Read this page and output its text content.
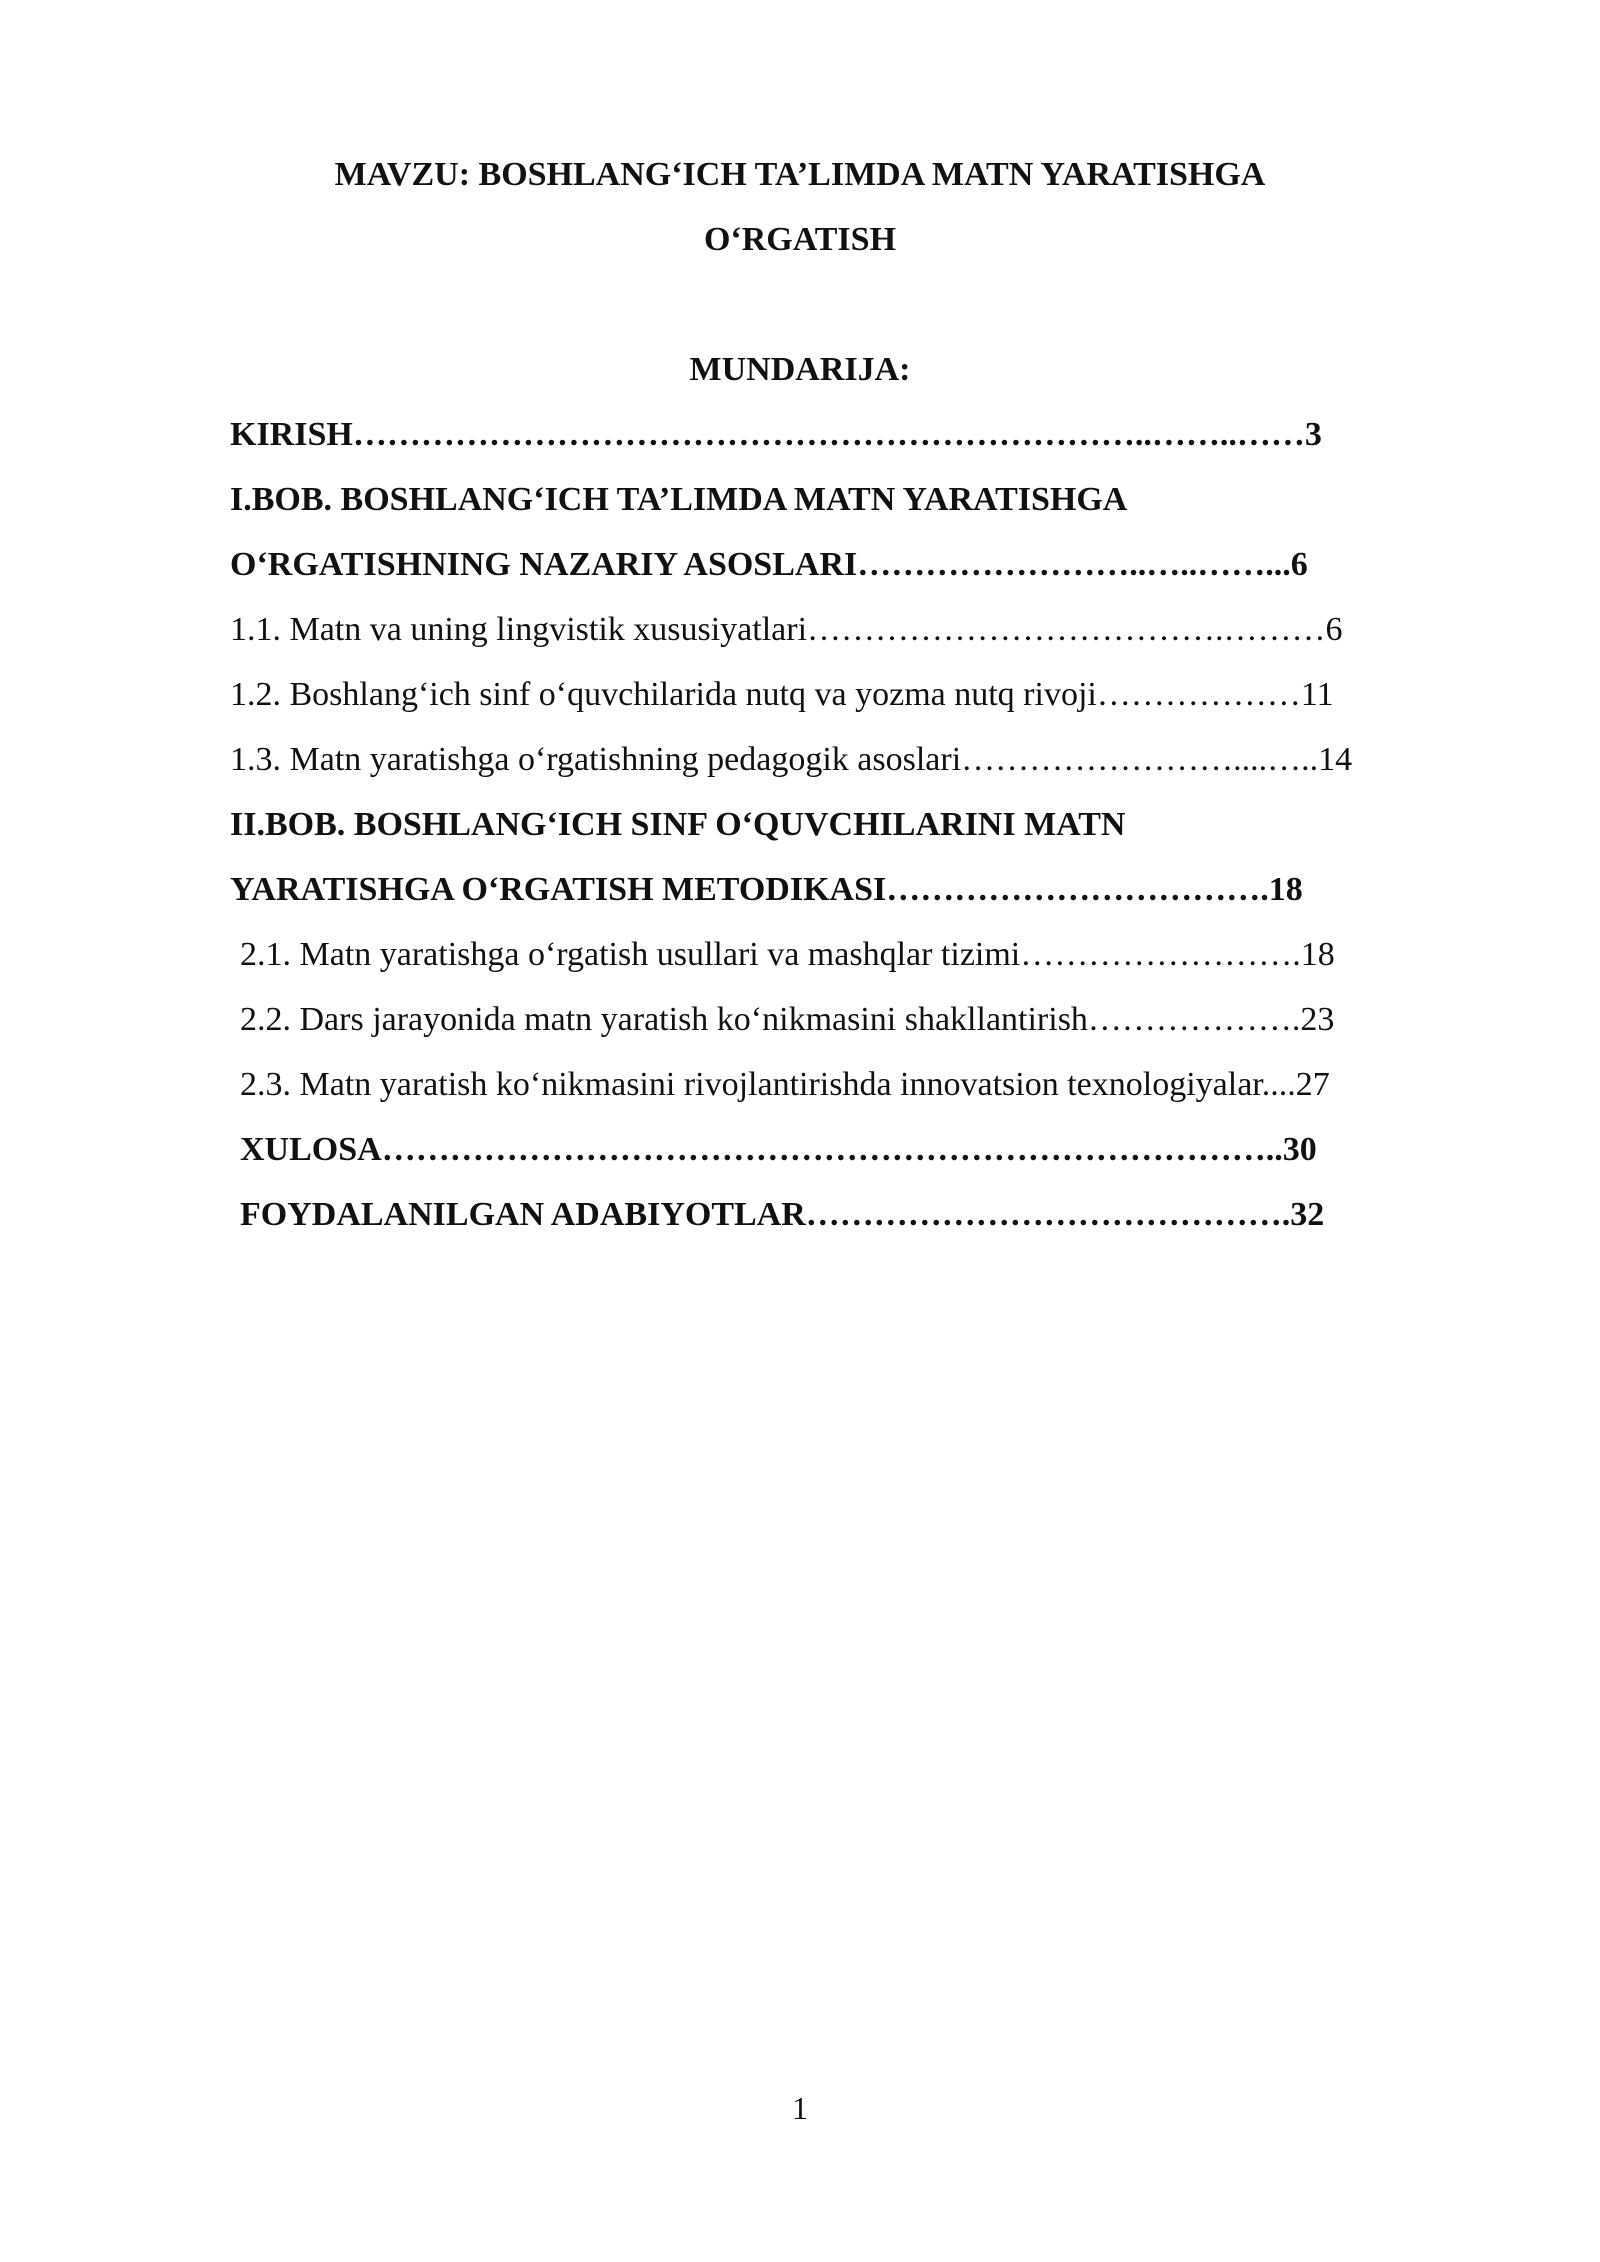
MAVZU: BOSHLANG‘ICH TA’LIMDA MATN YARATISHGA
O‘RGATISH
MUNDARIJA:

KIRISH……………………………………………………………..……..……3

I.BOB. BOSHLANG‘ICH TA’LIMDA MATN YARATISHGA

O‘RGATISHNING NAZARIY ASOSLARI……………………..…..……...6

1.1. Matn va uning lingvistik xususiyatlari……………………………….………6

1.2. Boshlang‘ich sinf o‘quvchilarida nutq va yozma nutq rivoji………………11

1.3. Matn yaratishga o‘rgatishning pedagogik asoslari……………………....…..14

II.BOB. BOSHLANG‘ICH SINF O‘QUVCHILARINI MATN

YARATISHGA O‘RGATISH METODIKASI…………………………….18

2.1. Matn yaratishga o‘rgatish usullari va mashqlar tizimi…………………….18

2.2. Dars jarayonida matn yaratish ko‘nikmasini shakllantirish……………….23

2.3. Matn yaratish ko‘nikmasini rivojlantirishda innovatsion texnologiyalar....27

XULOSA……………………………………………………………………..30

FOYDALANILGAN ADABIYOTLAR…………………………………….32

1
